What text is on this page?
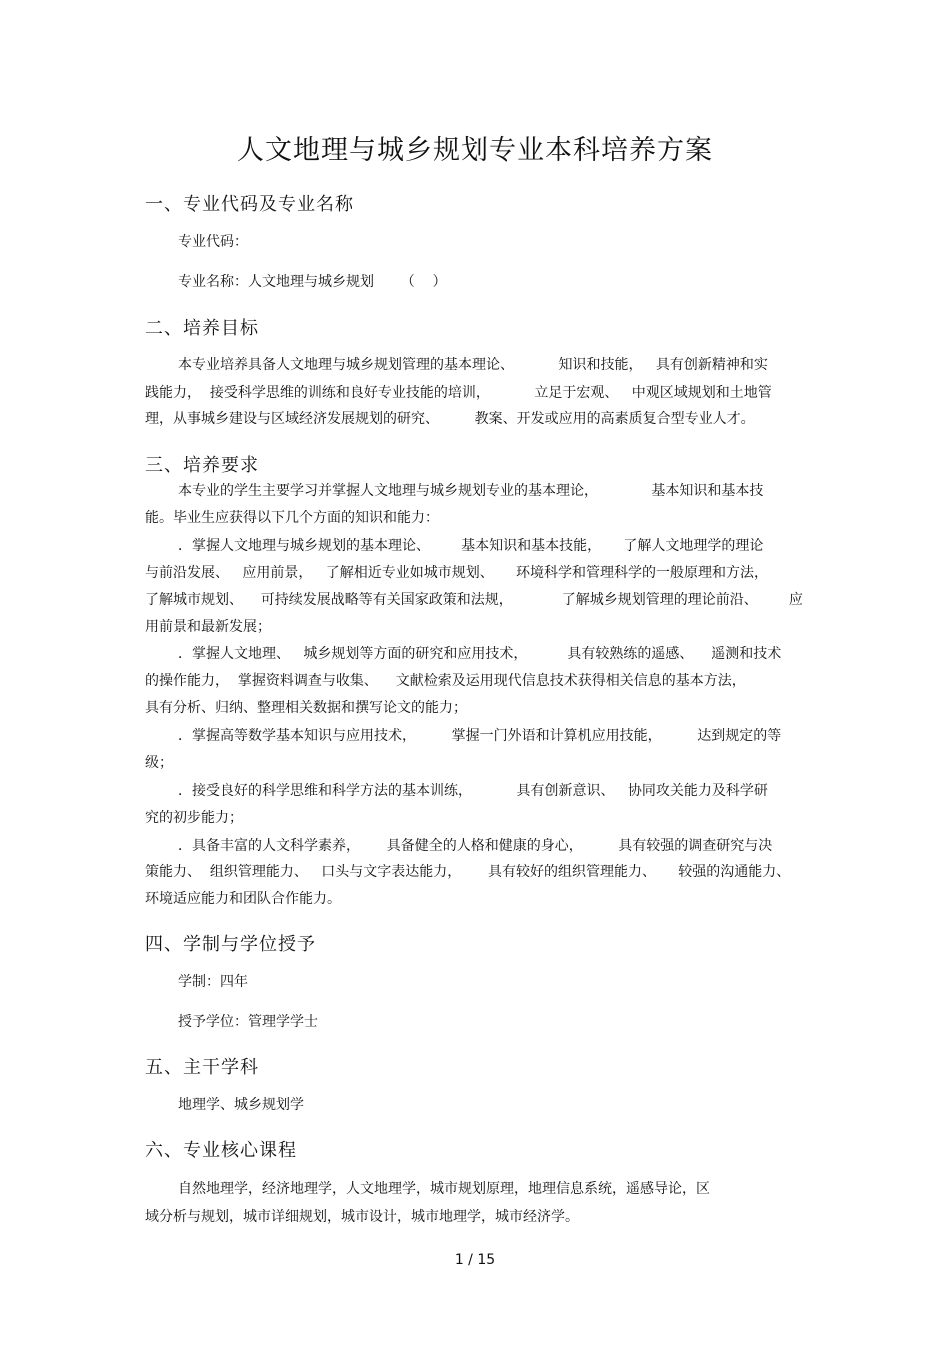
人文地理与城乡规划专业本科培养方案
一、专业代码及专业名称
专业代码：
专业名称：人文地理与城乡规划      （    ）
二、培养目标
本专业培养具备人文地理与城乡规划管理的基本理论、          知识和技能，   具有创新精神和实
践能力，  接受科学思维的训练和良好专业技能的培训，          立足于宏观、   中观区域规划和土地管
理，从事城乡建设与区域经济发展规划的研究、        教案、开发或应用的高素质复合型专业人才。
三、培养要求
本专业的学生主要学习并掌握人文地理与城乡规划专业的基本理论，            基本知识和基本技
能。毕业生应获得以下几个方面的知识和能力：
．掌握人文地理与城乡规划的基本理论、       基本知识和基本技能，     了解人文地理学的理论
与前沿发展、   应用前景，   了解相近专业如城市规划、     环境科学和管理科学的一般原理和方法，
了解城市规划、    可持续发展战略等有关国家政策和法规，           了解城乡规划管理的理论前沿、       应
用前景和最新发展；
．掌握人文地理、   城乡规划等方面的研究和应用技术，         具有较熟练的遥感、    遥测和技术
的操作能力，  掌握资料调查与收集、    文献检索及运用现代信息技术获得相关信息的基本方法，
具有分析、归纳、整理相关数据和撰写论文的能力；
．掌握高等数学基本知识与应用技术，        掌握一门外语和计算机应用技能，        达到规定的等
级；
．接受良好的科学思维和科学方法的基本训练，          具有创新意识、   协同攻关能力及科学研
究的初步能力；
．具备丰富的人文科学素养，      具备健全的人格和健康的身心，        具有较强的调查研究与决
策能力、  组织管理能力、   口头与文字表达能力，      具有较好的组织管理能力、     较强的沟通能力、
环境适应能力和团队合作能力。
四、学制与学位授予
学制：四年
授予学位：管理学学士
五、主干学科
地理学、城乡规划学
六、专业核心课程
自然地理学，经济地理学，人文地理学，城市规划原理，地理信息系统，遥感导论，区
域分析与规划，城市详细规划，城市设计，城市地理学，城市经济学。
1 / 15
